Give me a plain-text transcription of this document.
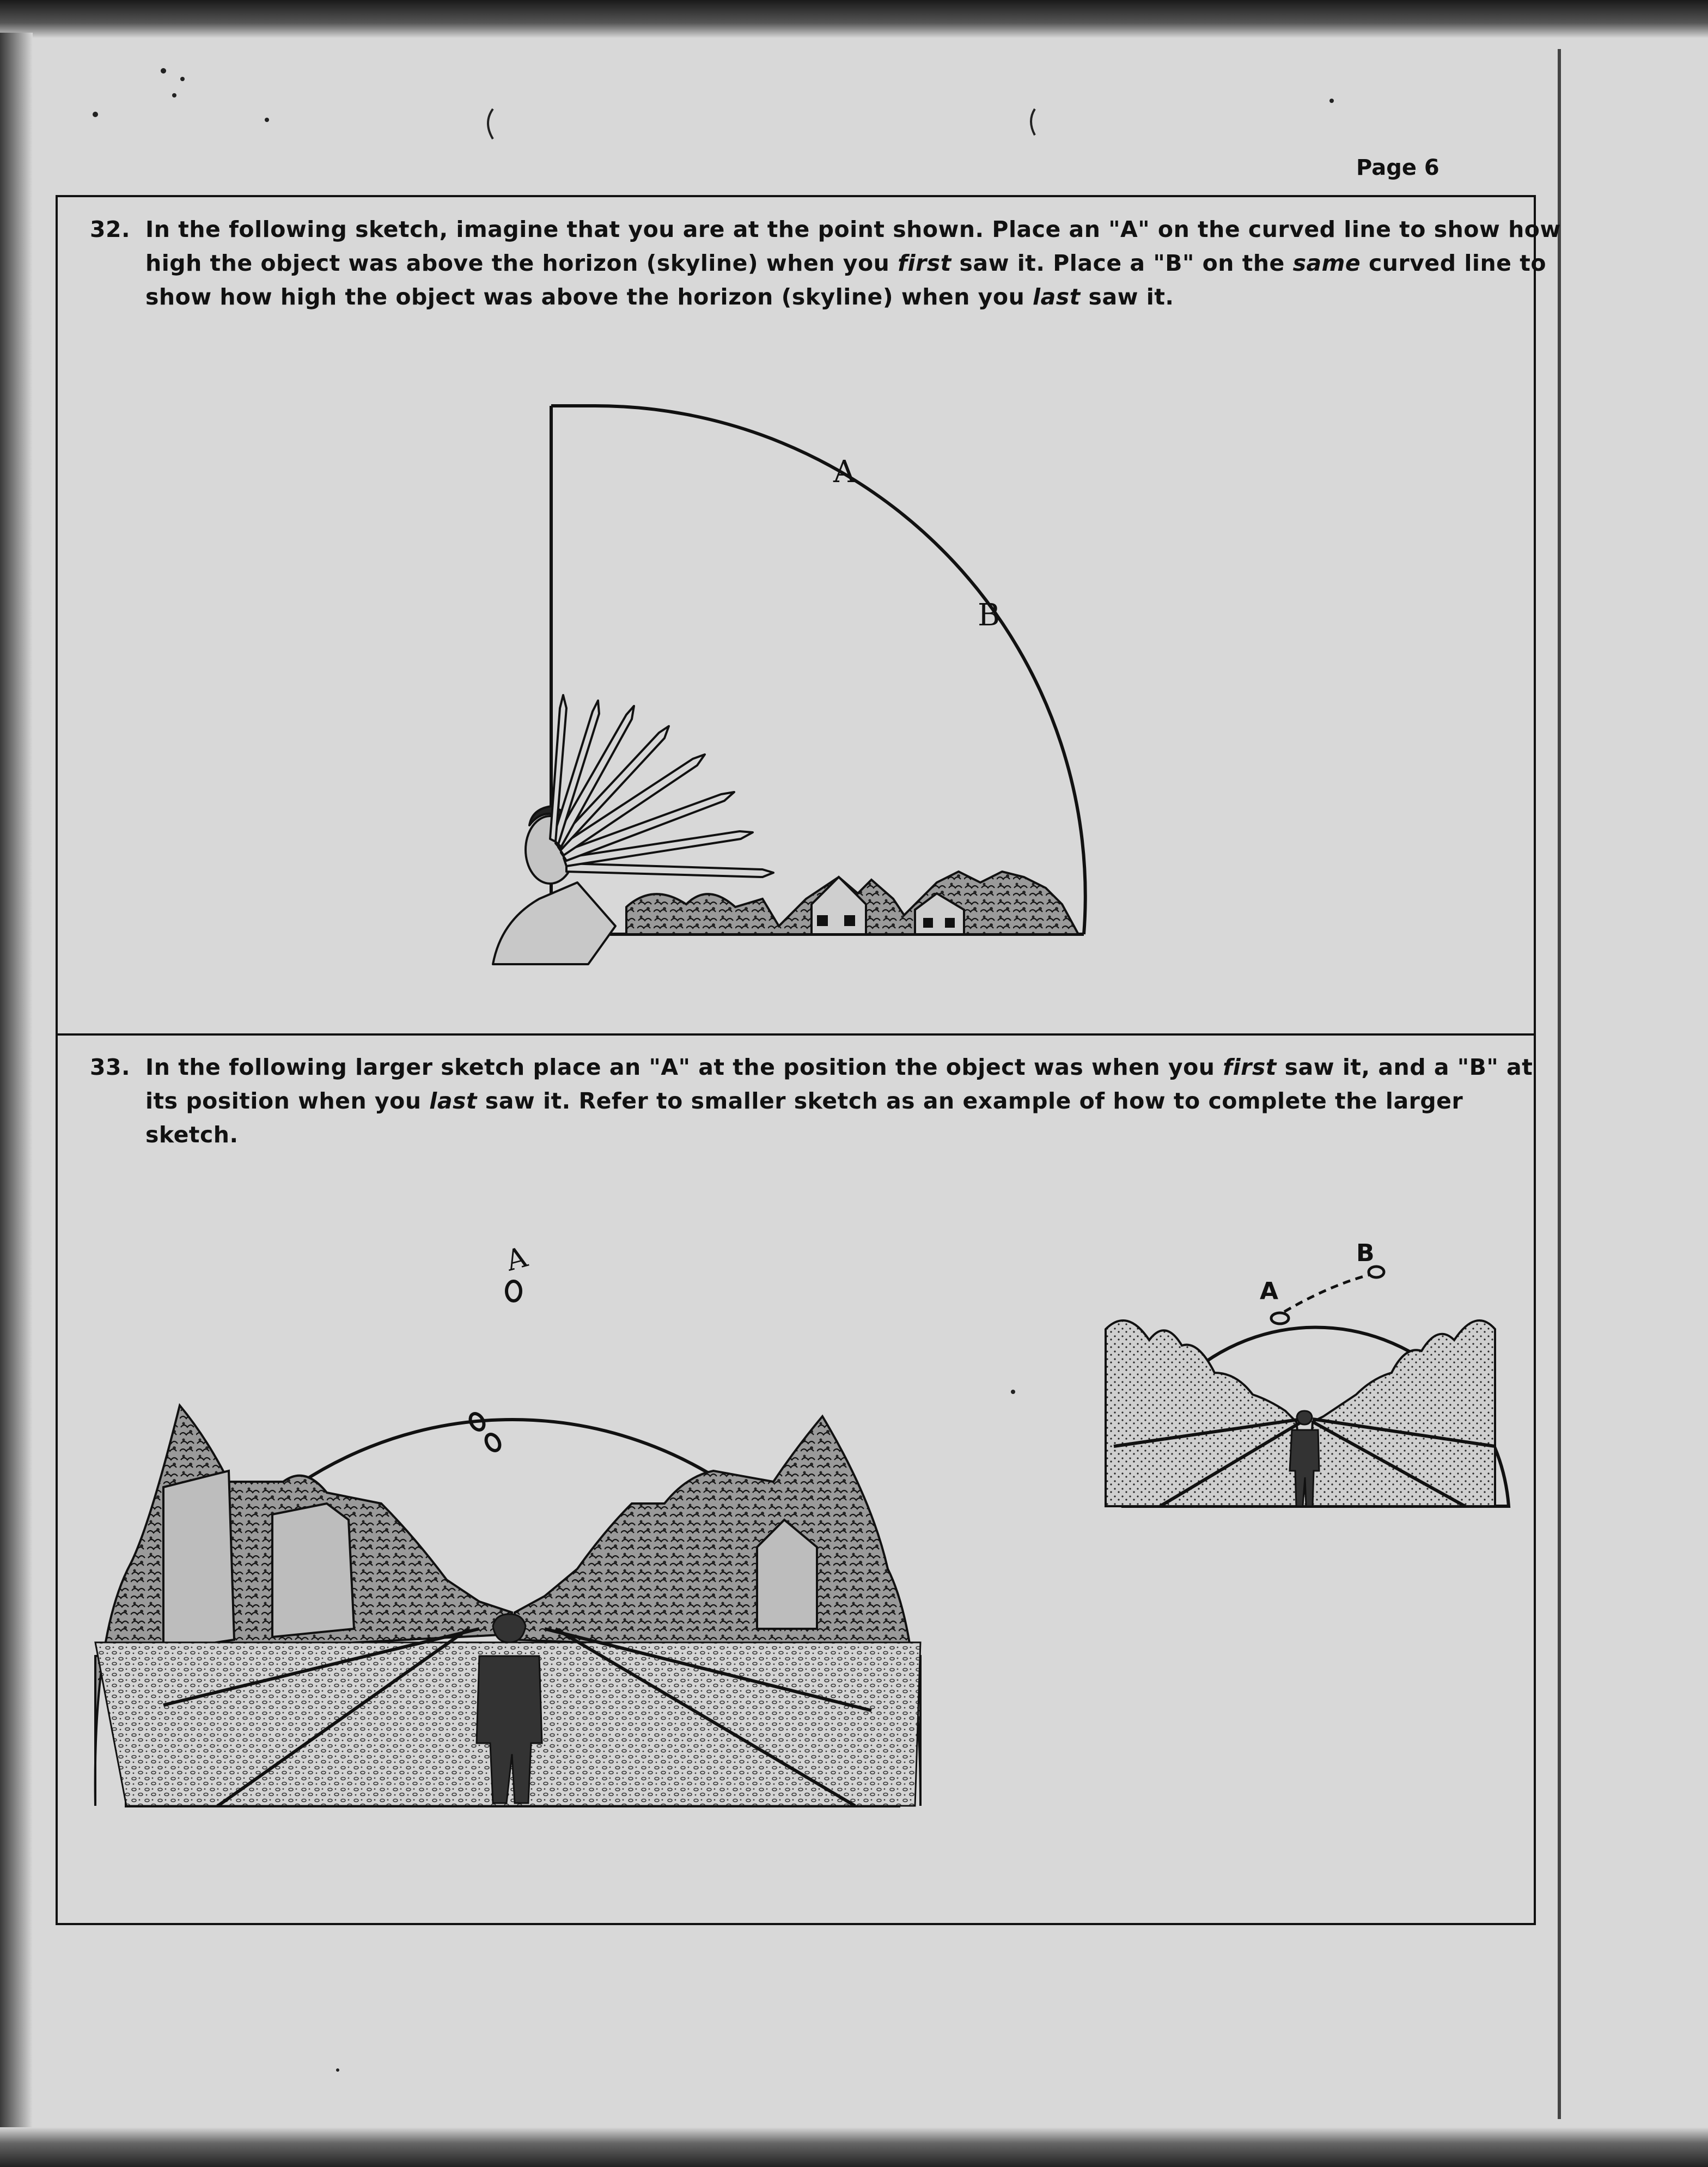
Page 6
32. In the following sketch, imagine that you are at the point shown. Place an "A" on the curved line to show how high the object was above the horizon (skyline) when you first saw it. Place a "B" on the same curved line to show how high the object was above the horizon (skyline) when you last saw it.
33. In the following larger sketch place an "A" at the position the object was when you first saw it, and a "B" at its position when you last saw it. Refer to smaller sketch as an example of how to complete the larger sketch.
A
B
A
A
B
